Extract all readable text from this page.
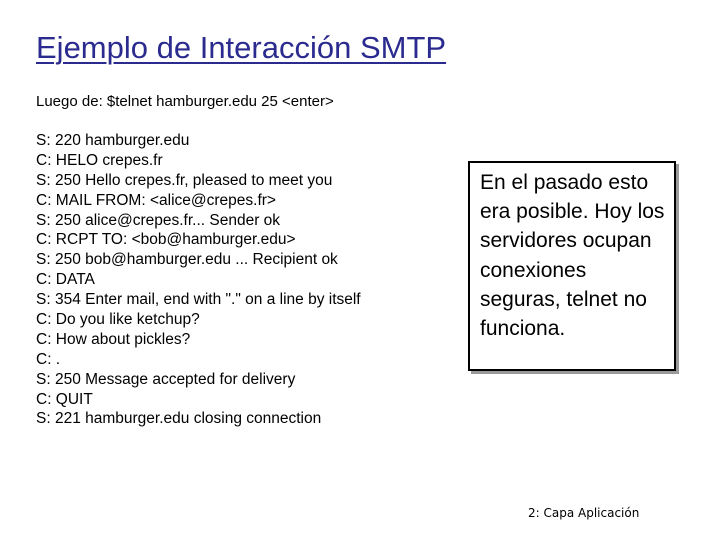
Ejemplo de Interacción SMTP
Luego de: $telnet hamburger.edu 25 <enter>
S: 220 hamburger.edu
C: HELO crepes.fr
S: 250 Hello crepes.fr, pleased to meet you
C: MAIL FROM: <alice@crepes.fr>
S: 250 alice@crepes.fr... Sender ok
C: RCPT TO: <bob@hamburger.edu>
S: 250 bob@hamburger.edu ... Recipient ok
C: DATA
S: 354 Enter mail, end with "." on a line by itself
C: Do you like ketchup?
C: How about pickles?
C: .
S: 250 Message accepted for delivery
C: QUIT
S: 221 hamburger.edu closing connection
En el pasado esto era posible. Hoy los servidores ocupan conexiones seguras, telnet no funciona.
2: Capa Aplicación
